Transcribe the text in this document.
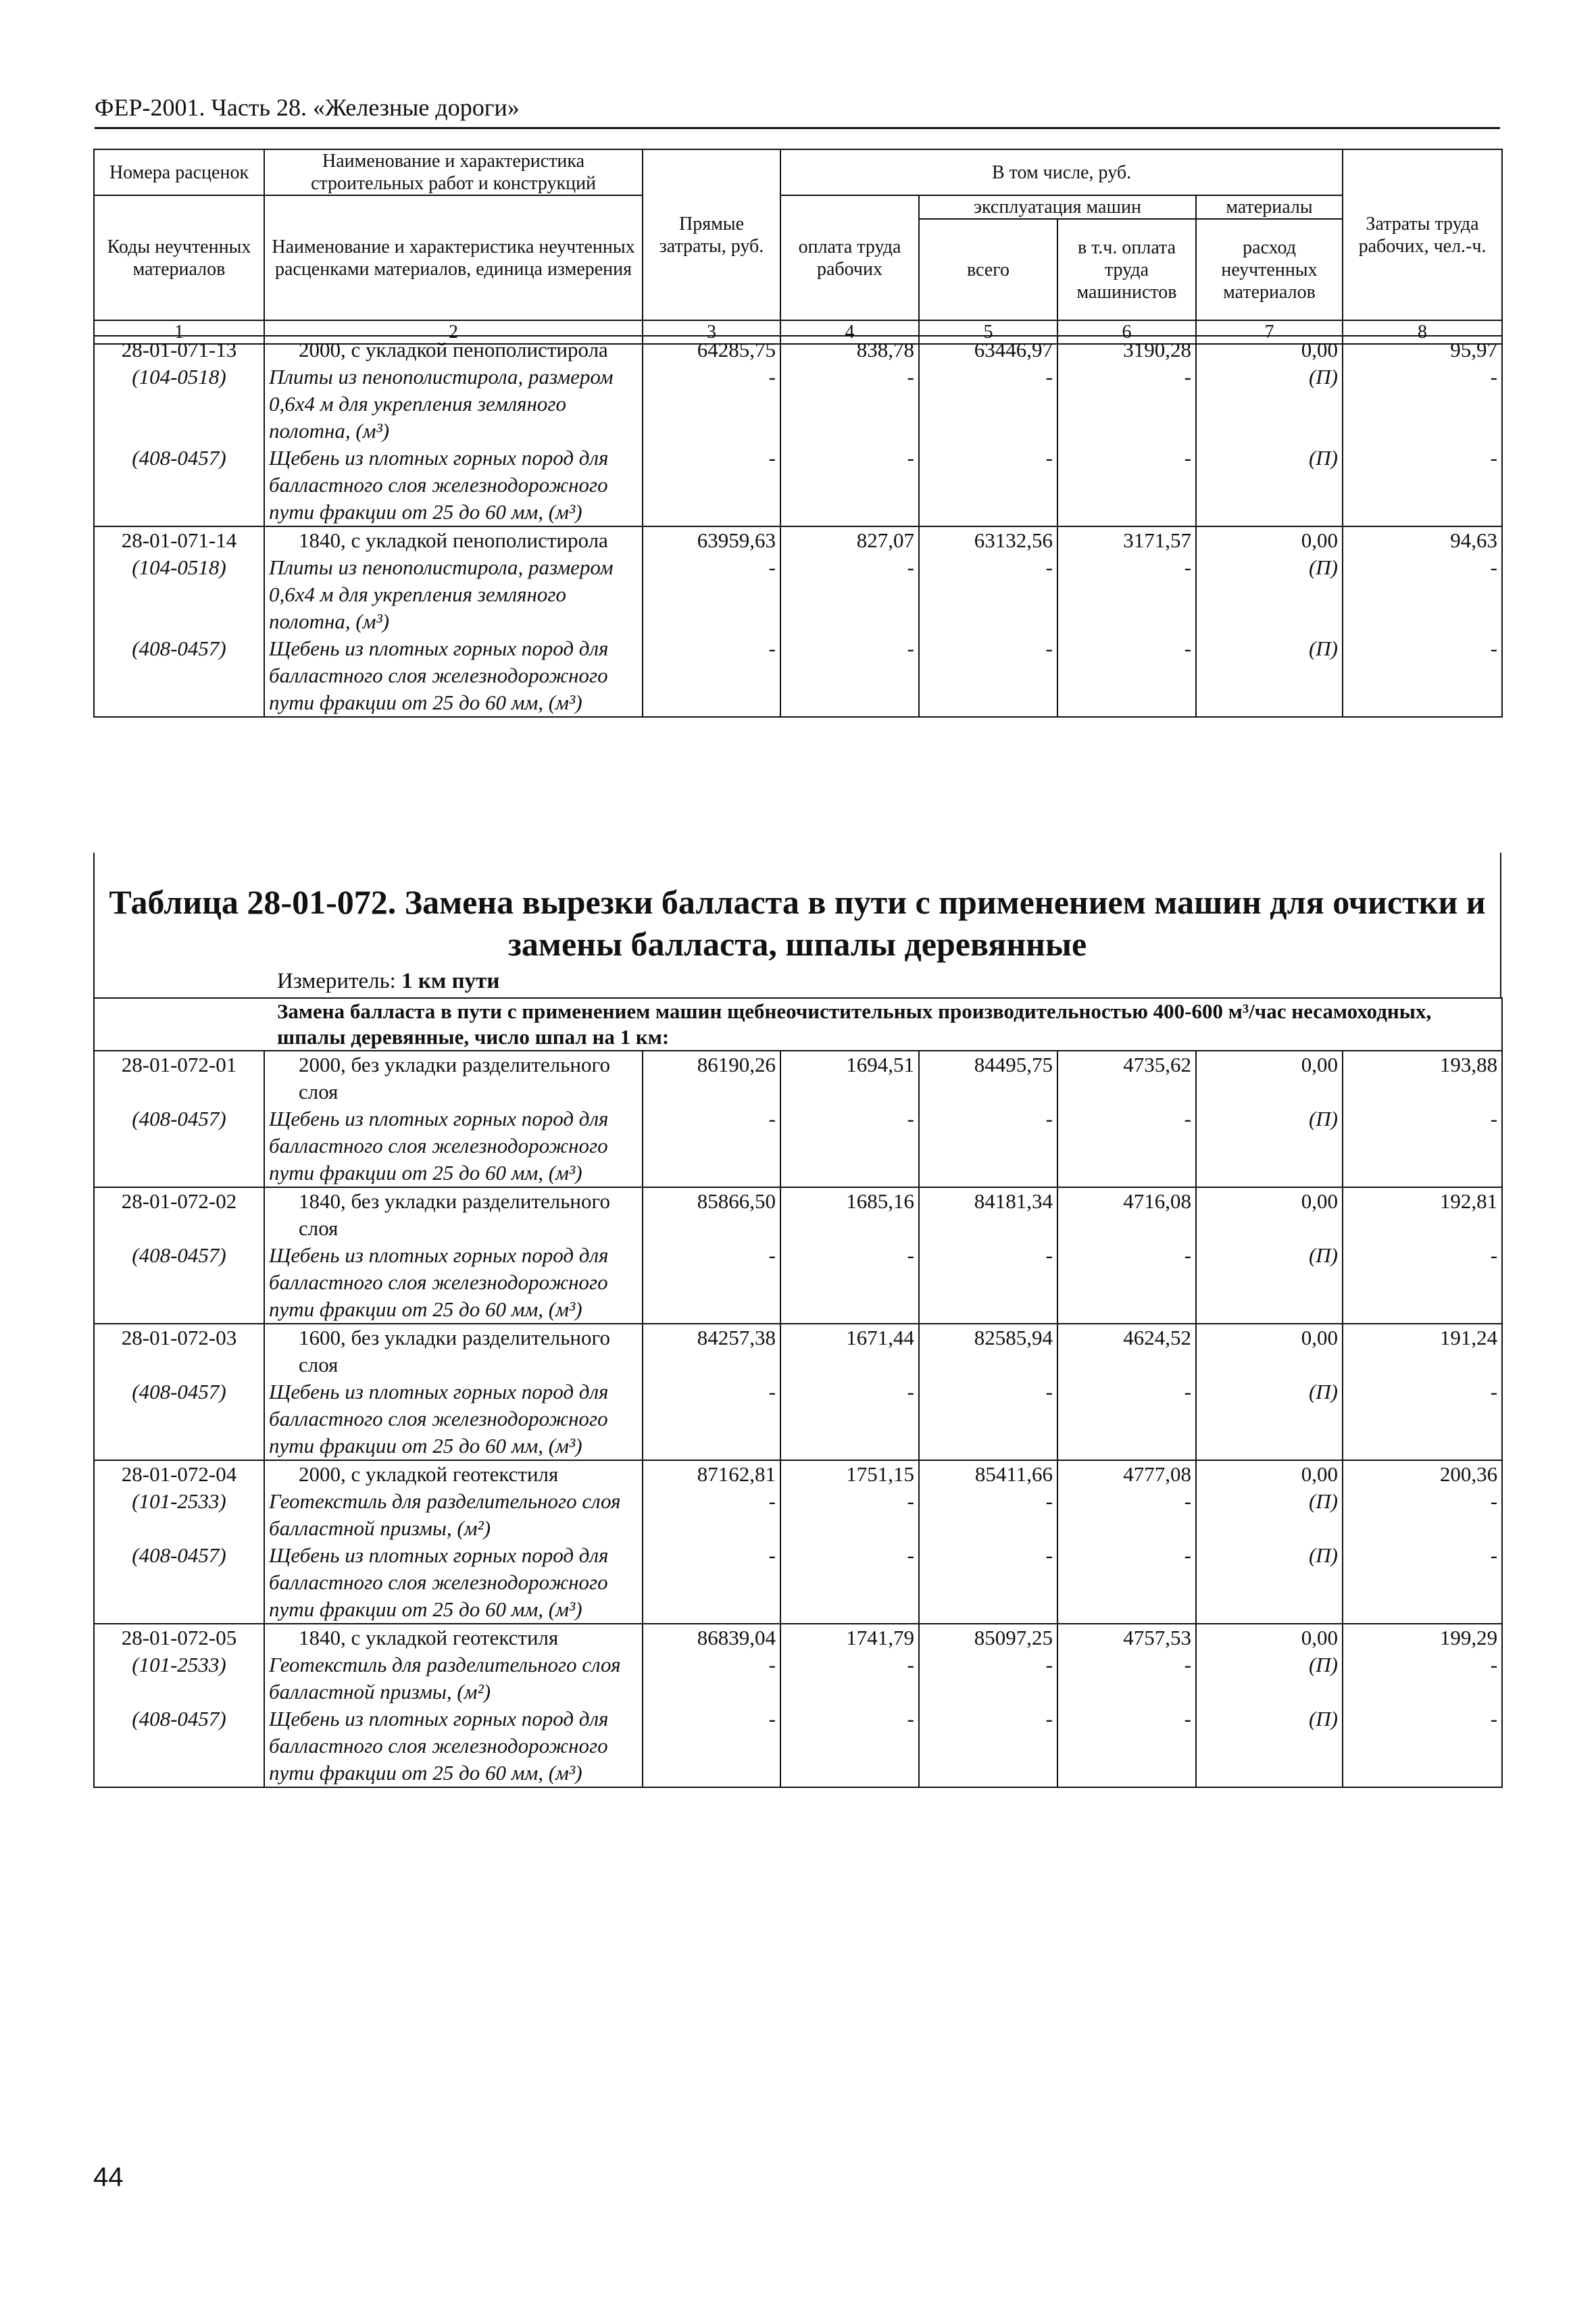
ФЕР-2001. Часть 28. «Железные дороги»
Номера расценок	Наименование и характеристика строительных работ и конструкций	Прямые затраты, руб.	В том числе, руб.				Затраты труда рабочих, чел.-ч.
Коды неучтенных материалов	Наименование и характеристика неучтенных расценками материалов, единица измерения		оплата труда рабочих	эксплуатация машин		материалы	
				всего	в т.ч. оплата труда машинистов	расход неучтенных материалов	
1	2	3	4	5	6	7	8
28-01-071-13	2000, с укладкой пенополистирола	64285,75	838,78	63446,97	3190,28	0,00	95,97
(104-0518)	Плиты из пенополистирола, размером 0,6х4 м для укрепления земляного полотна, (м³)	-	-	-	-	(П)	-
(408-0457)	Щебень из плотных горных пород для балластного слоя железнодорожного пути фракции от 25 до 60 мм, (м³)	-	-	-	-	(П)	-
28-01-071-14	1840, с укладкой пенополистирола	63959,63	827,07	63132,56	3171,57	0,00	94,63
(104-0518)	Плиты из пенополистирола, размером 0,6х4 м для укрепления земляного полотна, (м³)	-	-	-	-	(П)	-
(408-0457)	Щебень из плотных горных пород для балластного слоя железнодорожного пути фракции от 25 до 60 мм, (м³)	-	-	-	-	(П)	-
Таблица 28-01-072. Замена вырезки балласта в пути с применением машин для очистки и замены балласта, шпалы деревянные
Измеритель: 1 км пути
Замена балласта в пути с применением машин щебнеочистительных производительностью 400-600 м³/час несамоходных, шпалы деревянные, число шпал на 1 км:							
28-01-072-01	2000, без укладки разделительного слоя	86190,26	1694,51	84495,75	4735,62	0,00	193,88
(408-0457)	Щебень из плотных горных пород для балластного слоя железнодорожного пути фракции от 25 до 60 мм, (м³)	-	-	-	-	(П)	-
28-01-072-02	1840, без укладки разделительного слоя	85866,50	1685,16	84181,34	4716,08	0,00	192,81
(408-0457)	Щебень из плотных горных пород для балластного слоя железнодорожного пути фракции от 25 до 60 мм, (м³)	-	-	-	-	(П)	-
28-01-072-03	1600, без укладки разделительного слоя	84257,38	1671,44	82585,94	4624,52	0,00	191,24
(408-0457)	Щебень из плотных горных пород для балластного слоя железнодорожного пути фракции от 25 до 60 мм, (м³)	-	-	-	-	(П)	-
28-01-072-04	2000, с укладкой геотекстиля	87162,81	1751,15	85411,66	4777,08	0,00	200,36
(101-2533)	Геотекстиль для разделительного слоя балластной призмы, (м²)	-	-	-	-	(П)	-
(408-0457)	Щебень из плотных горных пород для балластного слоя железнодорожного пути фракции от 25 до 60 мм, (м³)	-	-	-	-	(П)	-
28-01-072-05	1840, с укладкой геотекстиля	86839,04	1741,79	85097,25	4757,53	0,00	199,29
(101-2533)	Геотекстиль для разделительного слоя балластной призмы, (м²)	-	-	-	-	(П)	-
(408-0457)	Щебень из плотных горных пород для балластного слоя железнодорожного пути фракции от 25 до 60 мм, (м³)	-	-	-	-	(П)	-
44
